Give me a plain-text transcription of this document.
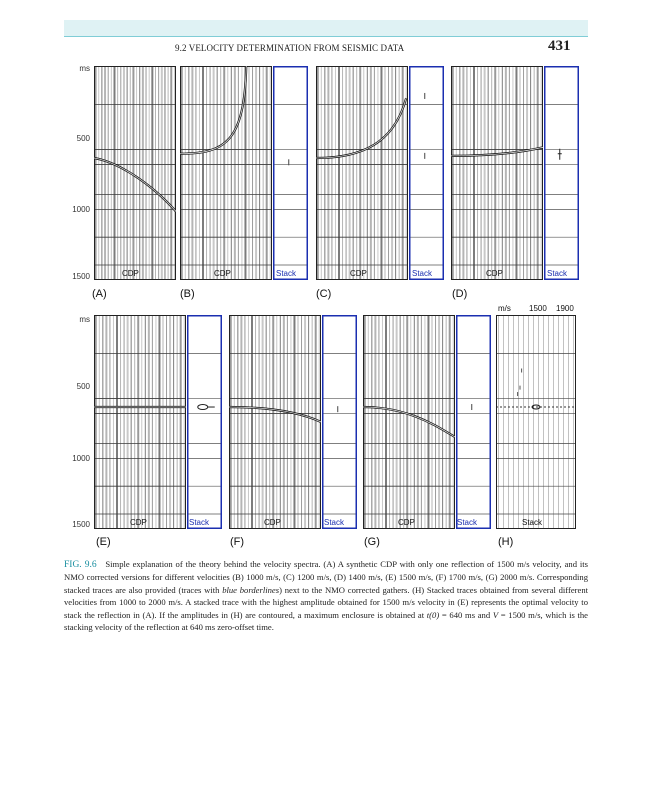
9.2 VELOCITY DETERMINATION FROM SEISMIC DATA	431
ms
500
1000
1500
ms
500
1000
1500
CDP
(A)
CDP	Stack
(B)
CDP	Stack
(C)
CDP	Stack
(D)
CDP	Stack
(E)
CDP	Stack
(F)
CDP	Stack
(G)
m/s 1500 1900
Stack
(H)
FIG. 9.6 Simple explanation of the theory behind the velocity spectra. (A) A synthetic CDP with only one reflection of 1500 m/s velocity, and its NMO corrected versions for different velocities (B) 1000 m/s, (C) 1200 m/s, (D) 1400 m/s, (E) 1500 m/s, (F) 1700 m/s, (G) 2000 m/s. Corresponding stacked traces are also provided (traces with blue borderlines) next to the NMO corrected gathers. (H) Stacked traces obtained from several different velocities from 1000 to 2000 m/s. A stacked trace with the highest amplitude obtained for 1500 m/s velocity in (E) represents the optimal velocity to stack the reflection in (A). If the amplitudes in (H) are contoured, a maximum enclosure is obtained at t(0) = 640 ms and V = 1500 m/s, which is the stacking velocity of the reflection at 640 ms zero-offset time.
